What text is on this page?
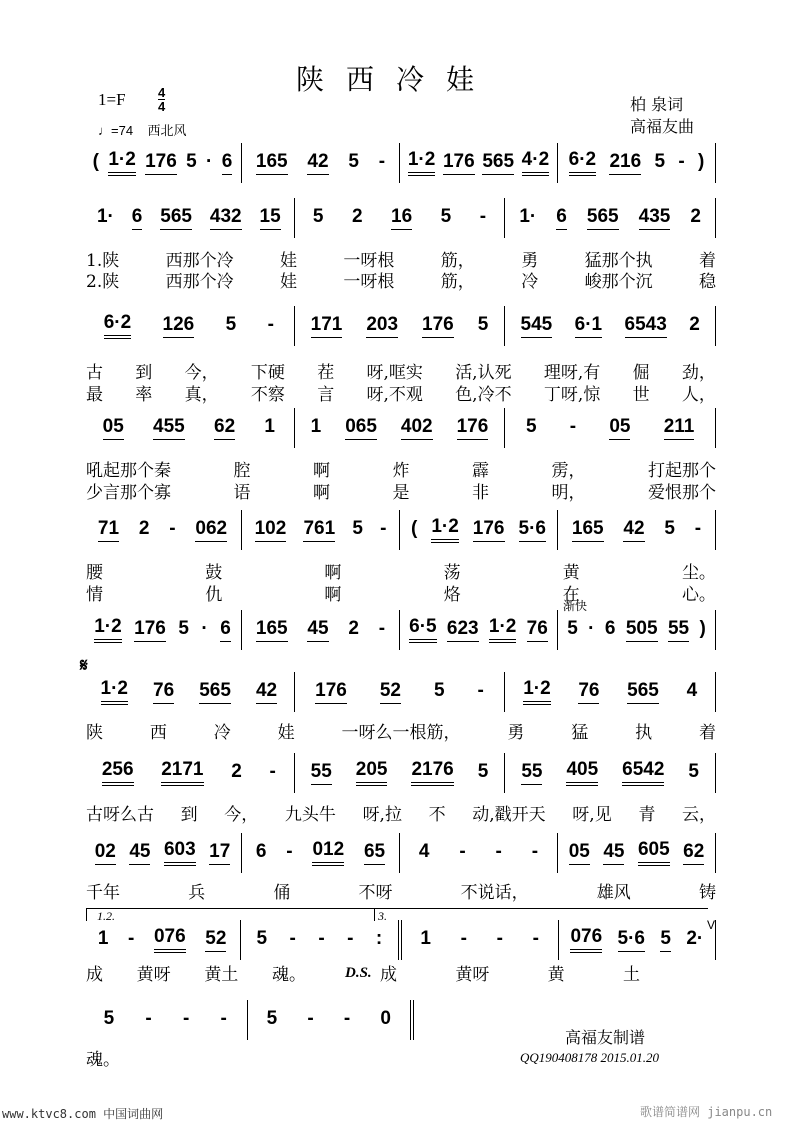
陕西冷娃
1=F 4
4
♩=74 西北风
柏 泉词
高福友曲
渐快
𝄋
1.2.	3.
V
D.S.
高福友制谱
QQ190408178 2015.01.20
www.ktvc8.com 中国词曲网	歌谱简谱网 jianpu.cn
( 1·2 176 5 · 6 165 42 5 - 1·2 176 565 4·2 6·2 216 5 - )
1· 6 565 432 15 5 2 16 5 - 1· 6 565 435 2
6·2 126 5 - 171 203 176 5 545 6·1 6543 2
05 455 62 1 1 065 402 176 5 - 05 211
71 2 - 062 102 761 5 - ( 1·2 176 5·6 165 42 5 -
1·2 176 5 · 6 165 45 2 - 6·5 623 1·2 76 5 · 6 505 55 )
1·2 76 565 42 176 52 5 - 1·2 76 565 4
256 2171 2 - 55 205 2176 5 55 405 6542 5
02 45 603 17 6 - 012 65 4 - - - 05 45 605 62
1 - 076 52 5 - - - : 1 - - - 076 5·6 5 2·
5 - - - 5 - - 0
1.陕	西那个冷	娃	一呀根	筋，	勇	猛那个执	着
2.陕	西那个冷	娃	一呀根	筋，	冷	峻那个沉	稳
古 到 今， 下硬 茬 呀,哐实 活,认死 理呀,有 倔 劲，
最 率 真， 不察 言 呀,不观 色,冷不 丁呀,惊 世 人，
吼起那个秦	腔	啊	炸	霹	雳，	打起那个
少言那个寡	语	啊	是	非	明，	爱恨那个
腰	鼓	啊	荡	黄	尘。
情	仇	啊	烙	在	心。
陕	西	冷	娃	一呀么一根筋，	勇	猛	执	着
古呀么古 到 今， 九头牛 呀,拉 不 动,戳开天 呀,见 青 云，
千年	兵	俑	不呀	不说话，	雄风	铸
成 黄呀 黄土 魂。	成	黄呀	黄	土
魂。
